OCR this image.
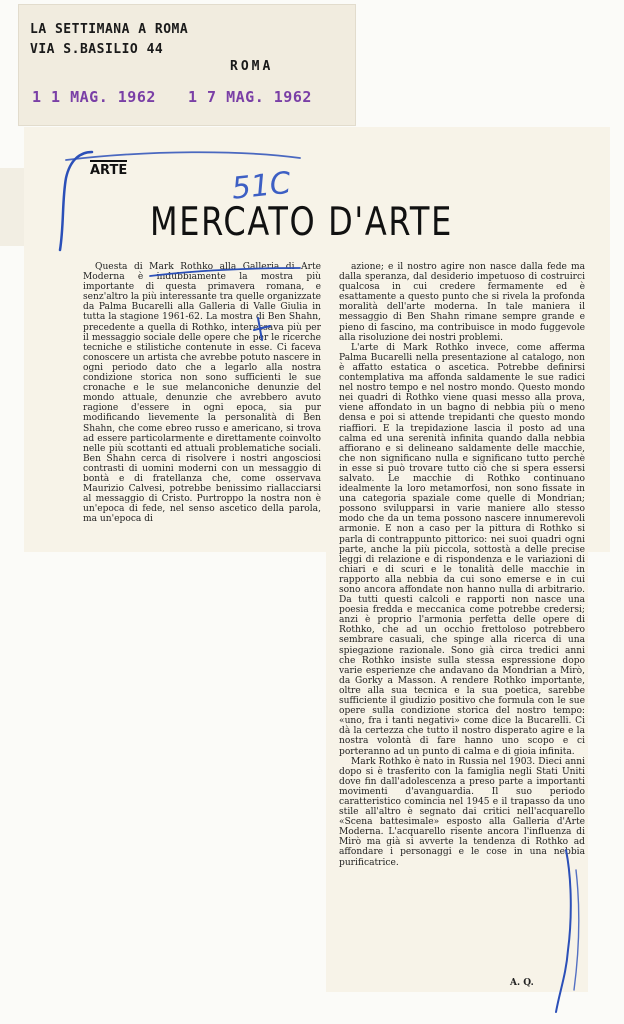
LA SETTIMANA A ROMA
VIA S.BASILIO 44
ROMA
1 1 MAG. 1962 1 7 MAG. 1962
ARTE
MERCATO D'ARTE

Questa di Mark Rothko alla Galleria di Arte Moderna è indubbiamente la mostra più importante di questa primavera romana, e senz'altro la più interessante tra quelle organizzate da Palma Bucarelli alla Galleria di Valle Giulia in tutta la stagione 1961-62. La mostra di Ben Shahn, precedente a quella di Rothko, interessava più per il messaggio sociale delle opere che per le ricerche tecniche e stilistiche contenute in esse. Ci faceva conoscere un artista che avrebbe potuto nascere in ogni periodo dato che a legarlo alla nostra condizione storica non sono sufficienti le sue cronache e le sue melanconiche denunzie del mondo attuale, denunzie che avrebbero avuto ragione d'essere in ogni epoca, sia pur modificando lievemente la personalità di Ben Shahn, che come ebreo russo e americano, si trova ad essere particolarmente e direttamente coinvolto nelle più scottanti ed attuali problematiche sociali. Ben Shahn cerca di risolvere i nostri angosciosi contrasti di uomini moderni con un messaggio di bontà e di fratellanza che, come osservava Maurizio Calvesi, potrebbe benissimo riallacciarsi al messaggio di Cristo. Purtroppo la nostra non è un'epoca di fede, nel senso ascetico della parola, ma un'epoca di

azione; e il nostro agire non nasce dalla fede ma dalla speranza, dal desiderio impetuoso di costruirci qualcosa in cui credere fermamente ed è esattamente a questo punto che si rivela la profonda moralità dell'arte moderna. In tale maniera il messaggio di Ben Shahn rimane sempre grande e pieno di fascino, ma contribuisce in modo fuggevole alla risoluzione dei nostri problemi.

L'arte di Mark Rothko invece, come afferma Palma Bucarelli nella presentazione al catalogo, non è affatto estatica o ascetica. Potrebbe definirsi contemplativa ma affonda saldamente le sue radici nel nostro tempo e nel nostro mondo. Questo mondo nei quadri di Rothko viene quasi messo alla prova, viene affondato in un bagno di nebbia più o meno densa e poi si attende trepidanti che questo mondo riaffiori. E la trepidazione lascia il posto ad una calma ed una serenità infinita quando dalla nebbia affiorano e si delineano saldamente delle macchie, che non significano nulla e significano tutto perchè in esse si può trovare tutto ciò che si spera essersi salvato. Le macchie di Rothko continuano idealmente la loro metamorfosi, non sono fissate in una categoria spaziale come quelle di Mondrian; possono svilupparsi in varie maniere allo stesso modo che da un tema possono nascere innumerevoli armonie. E non a caso per la pittura di Rothko si parla di contrappunto pittorico: nei suoi quadri ogni parte, anche la più piccola, sottostà a delle precise leggi di relazione e di rispondenza e le variazioni di chiari e di scuri e le tonalità delle macchie in rapporto alla nebbia da cui sono emerse e in cui sono ancora affondate non hanno nulla di arbitrario. Da tutti questi calcoli e rapporti non nasce una poesia fredda e meccanica come potrebbe credersi; anzi è proprio l'armonia perfetta delle opere di Rothko, che ad un occhio frettoloso potrebbero sembrare casuali, che spinge alla ricerca di una spiegazione razionale. Sono già circa tredici anni che Rothko insiste sulla stessa espressione dopo varie esperienze che andavano da Mondrian a Mirò, da Gorky a Masson. A rendere Rothko importante, oltre alla sua tecnica e la sua poetica, sarebbe sufficiente il giudizio positivo che formula con le sue opere sulla condizione storica del nostro tempo: «uno, fra i tanti negativi» come dice la Bucarelli. Ci dà la certezza che tutto il nostro disperato agire e la nostra volontà di fare hanno uno scopo e ci porteranno ad un punto di calma e di gioia infinita.

Mark Rothko è nato in Russia nel 1903. Dieci anni dopo si è trasferito con la famiglia negli Stati Uniti dove fin dall'adolescenza a preso parte a importanti movimenti d'avanguardia. Il suo periodo caratteristico comincia nel 1945 e il trapasso da uno stile all'altro è segnato dai critici nell'acquarello «Scena battesimale» esposto alla Galleria d'Arte Moderna. L'acquarello risente ancora l'influenza di Mirò ma già si avverte la tendenza di Rothko ad affondare i personaggi e le cose in una nebbia purificatrice.

A. Q.
51C
